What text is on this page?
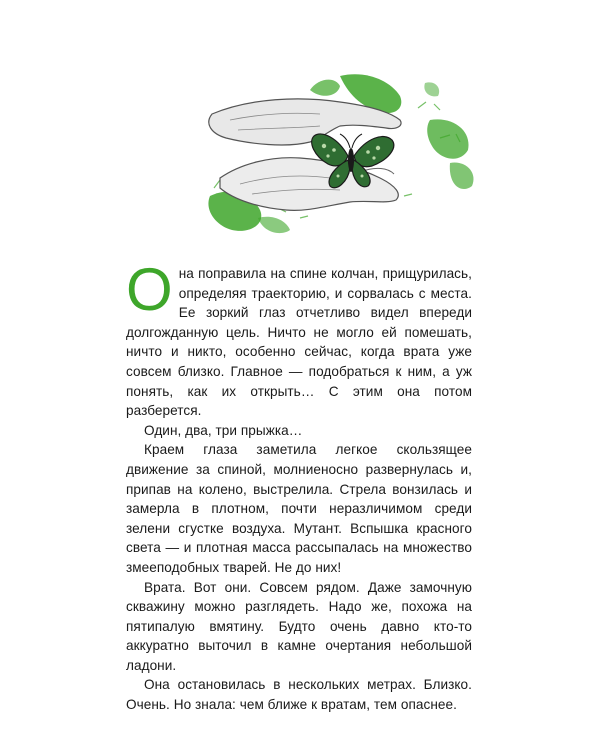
Она поправила на спине колчан, прищурилась, определяя траекторию, и сорвалась с места. Ее зоркий глаз отчетливо видел впереди долгожданную цель. Ничто не могло ей помешать, ничто и никто, особенно сейчас, когда врата уже совсем близко. Главное — подобраться к ним, а уж понять, как их открыть… С этим она потом разберется.

Один, два, три прыжка…

Краем глаза заметила легкое скользящее движение за спиной, молниеносно развернулась и, припав на колено, выстрелила. Стрела вонзилась и замерла в плотном, почти неразличимом среди зелени сгустке воздуха. Мутант. Вспышка красного света — и плотная масса рассыпалась на множество змееподобных тварей. Не до них!

Врата. Вот они. Совсем рядом. Даже замочную скважину можно разглядеть. Надо же, похожа на пятипалую вмятину. Будто очень давно кто-то аккуратно выточил в камне очертания небольшой ладони.

Она остановилась в нескольких метрах. Близко. Очень. Но знала: чем ближе к вратам, тем опаснее.
